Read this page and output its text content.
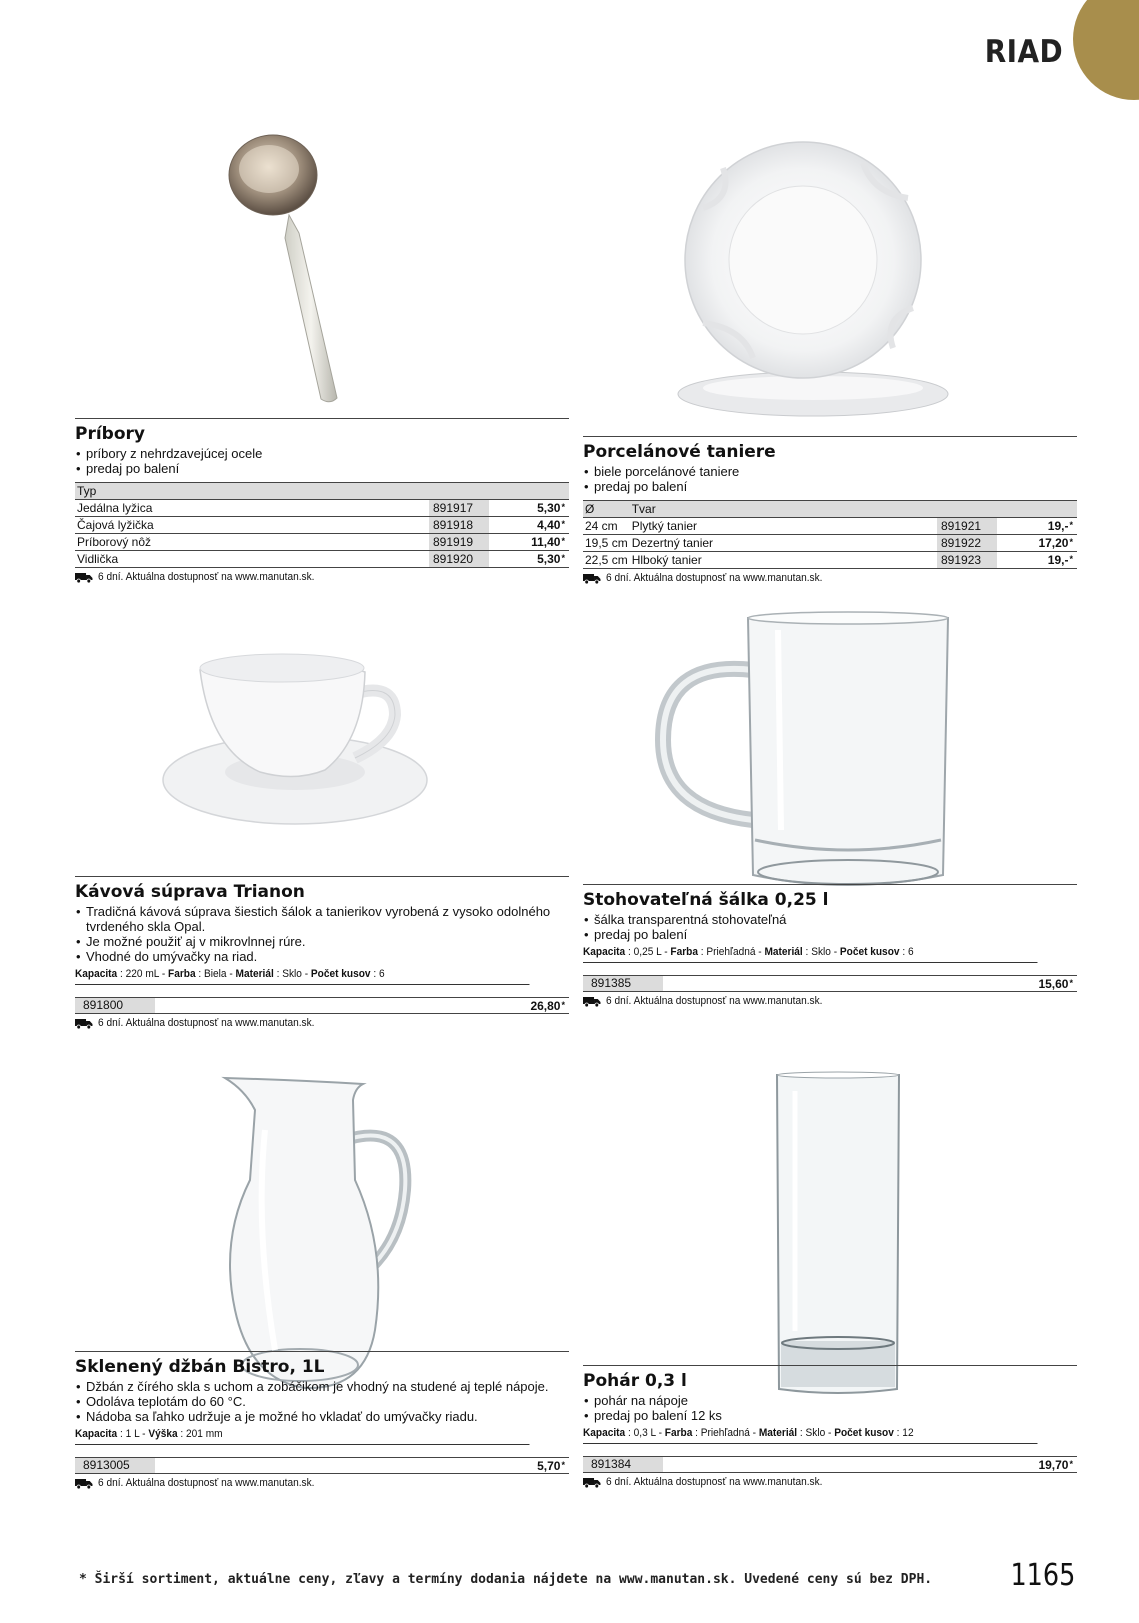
RIAD
Príbory
• príbory z nehrdzavejúcej ocele
• predaj po balení
Typ		
Jedálna lyžica	891917	5,30*
Čajová lyžička	891918	4,40*
Príborový nôž	891919	11,40*
Vidlička	891920	5,30*
6 dní. Aktuálna dostupnosť na www.manutan.sk.
Porcelánové taniere
• biele porcelánové taniere
• predaj po balení
Ø	Tvar		
24 cm	Plytký tanier	891921	19,-*
19,5 cm	Dezertný tanier	891922	17,20*
22,5 cm	Hlboký tanier	891923	19,-*
6 dní. Aktuálna dostupnosť na www.manutan.sk.
Kávová súprava Trianon
• Tradičná kávová súprava šiestich šálok a tanierikov vyrobená z vysoko odolného tvrdeného skla Opal.
• Je možné použiť aj v mikrovlnnej rúre.
• Vhodné do umývačky na riad.
Kapacita : 220 mL - Farba : Biela - Materiál : Sklo - Počet kusov : 6
891800	26,80*
6 dní. Aktuálna dostupnosť na www.manutan.sk.
Stohovateľná šálka 0,25 l
• šálka transparentná stohovateľná
• predaj po balení
Kapacita : 0,25 L - Farba : Priehľadná - Materiál : Sklo - Počet kusov : 6
891385	15,60*
6 dní. Aktuálna dostupnosť na www.manutan.sk.
Sklenený džbán Bistro, 1L
• Džbán z čírého skla s uchom a zobáčikom je vhodný na studené aj teplé nápoje.
• Odoláva teplotám do 60 °C.
• Nádoba sa ľahko udržuje a je možné ho vkladať do umývačky riadu.
Kapacita : 1 L - Výška : 201 mm
8913005	5,70*
6 dní. Aktuálna dostupnosť na www.manutan.sk.
Pohár 0,3 l
• pohár na nápoje
• predaj po balení 12 ks
Kapacita : 0,3 L - Farba : Priehľadná - Materiál : Sklo - Počet kusov : 12
891384	19,70*
6 dní. Aktuálna dostupnosť na www.manutan.sk.
* Širší sortiment, aktuálne ceny, zľavy a termíny dodania nájdete na www.manutan.sk. Uvedené ceny sú bez DPH.	1165
